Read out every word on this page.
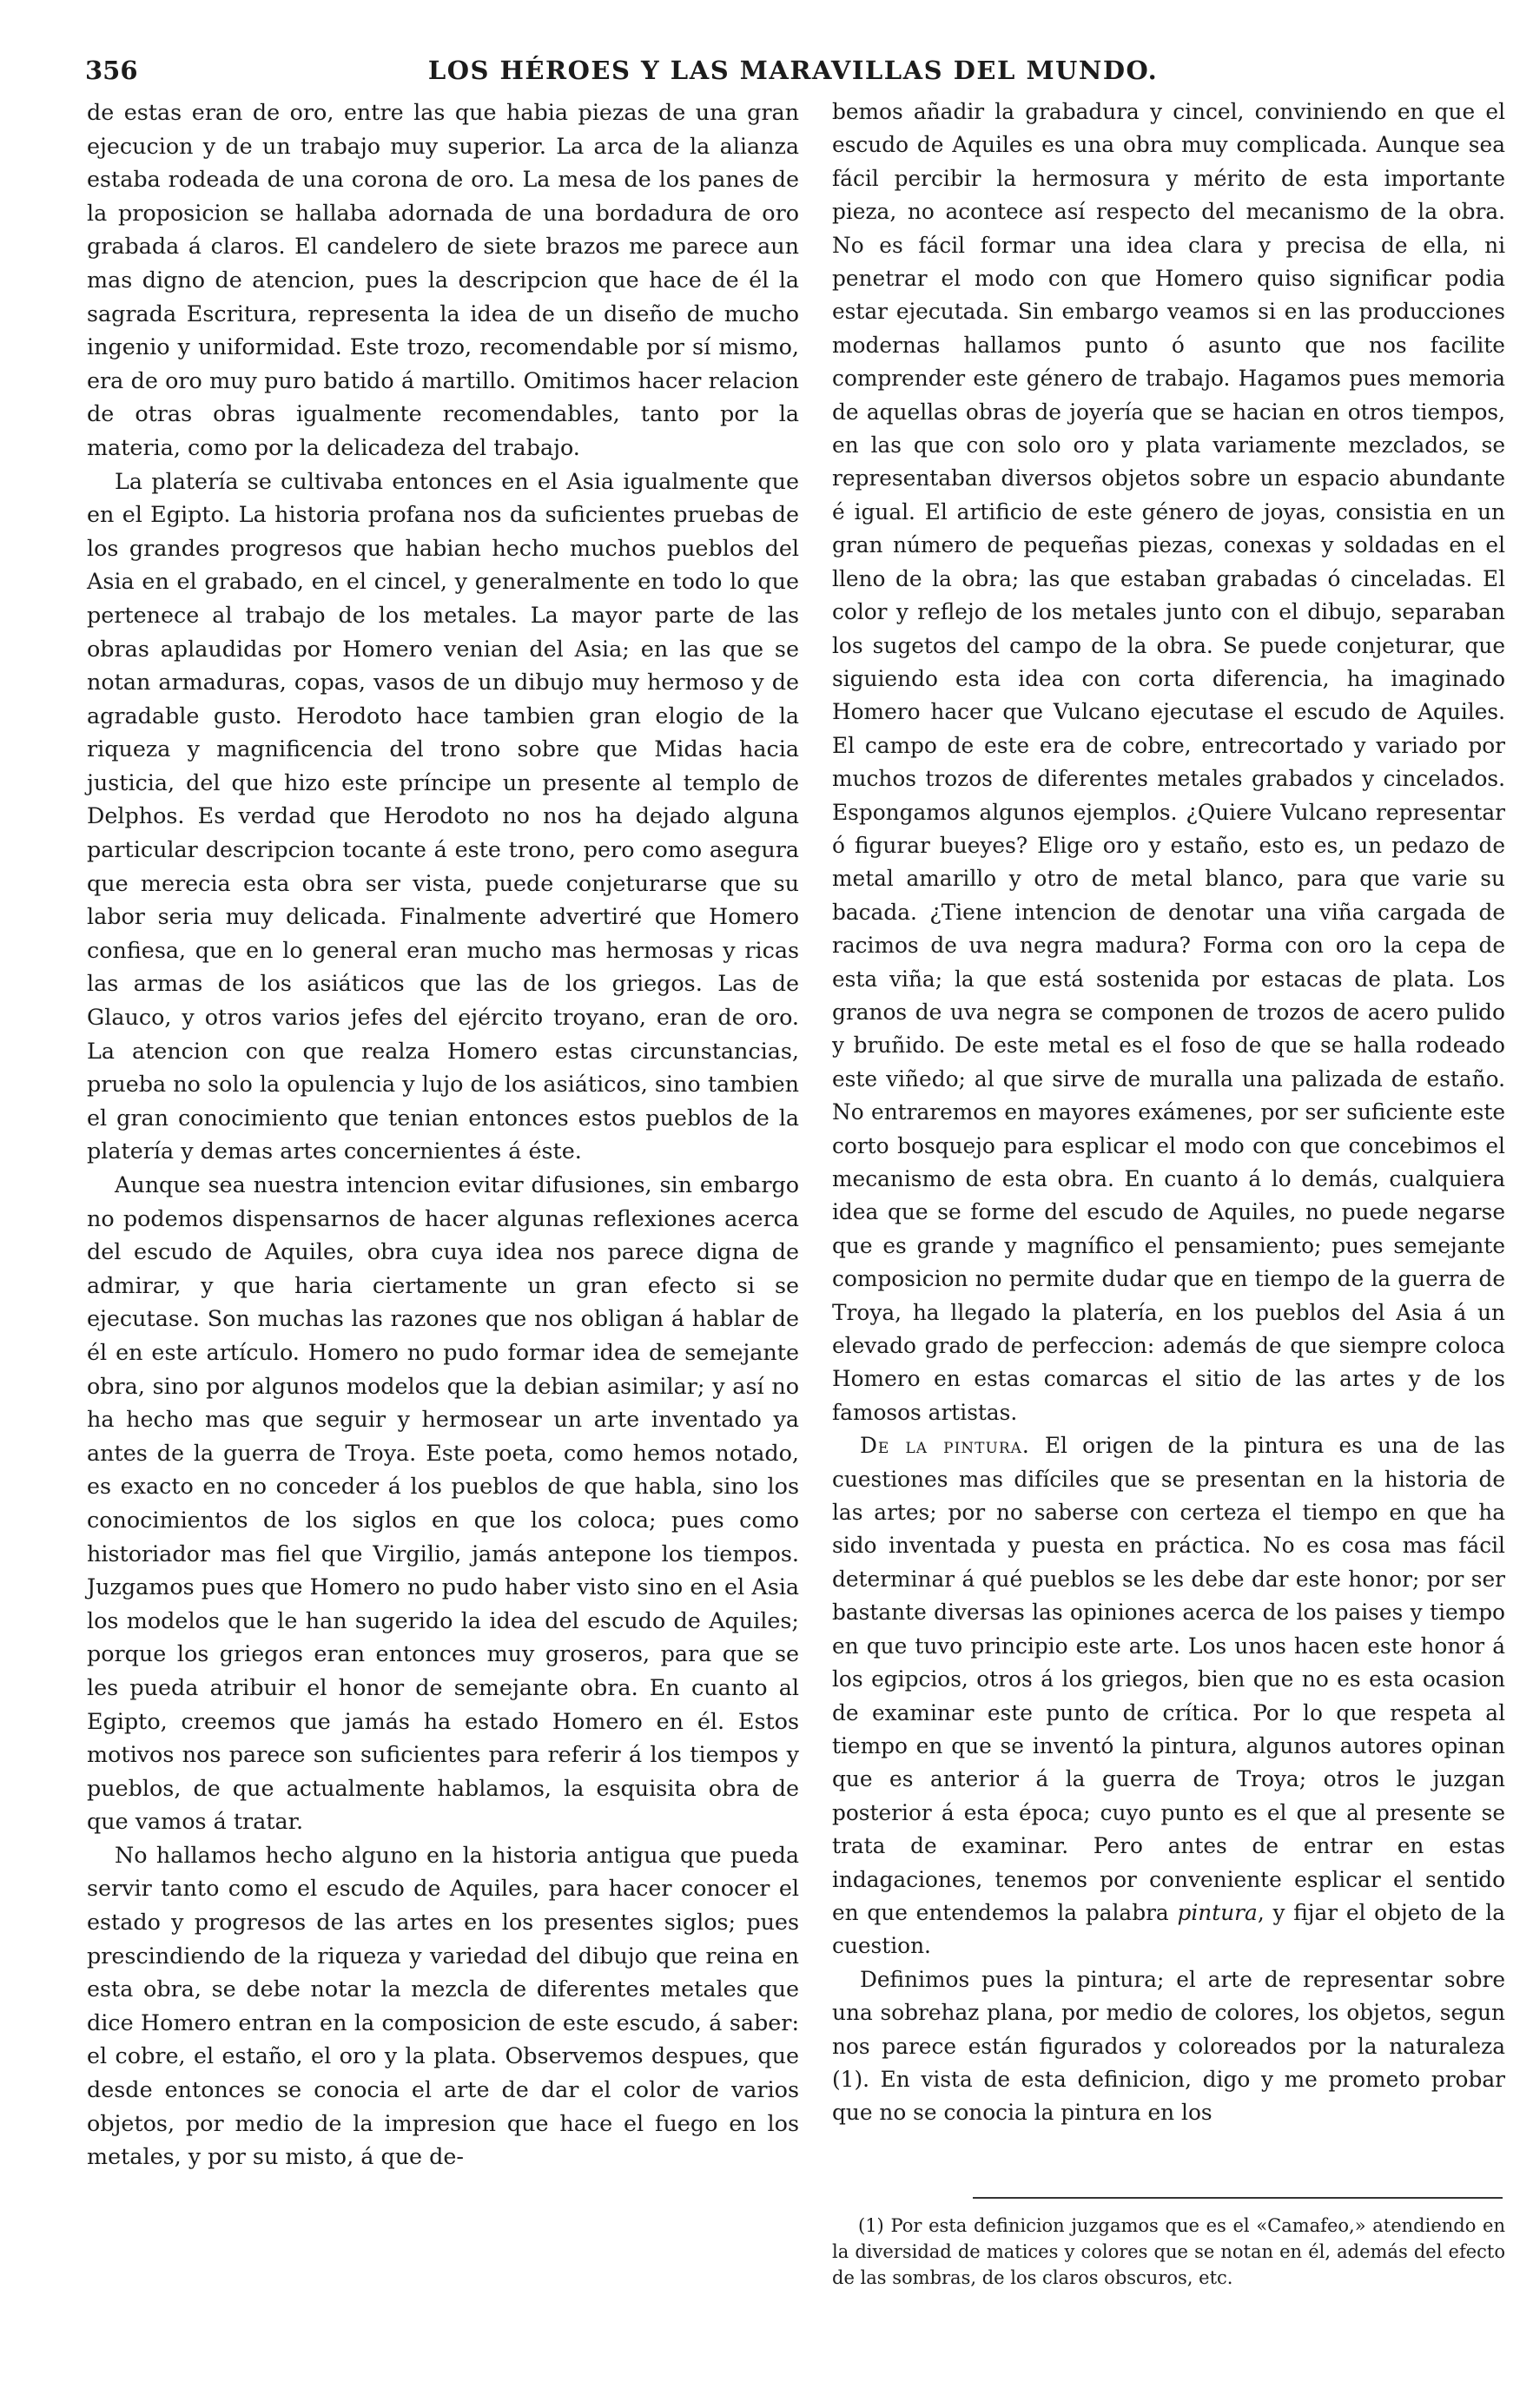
356	LOS HÉROES Y LAS MARAVILLAS DEL MUNDO.

de estas eran de oro, entre las que habia piezas de una gran ejecucion y de un trabajo muy superior. La arca de la alianza estaba rodeada de una corona de oro. La mesa de los panes de la proposicion se hallaba adornada de una bordadura de oro grabada á claros. El candelero de siete brazos me parece aun mas digno de atencion, pues la descripcion que hace de él la sagrada Escritura, representa la idea de un diseño de mucho ingenio y uniformidad. Este trozo, recomendable por sí mismo, era de oro muy puro batido á martillo. Omitimos hacer relacion de otras obras igualmente recomendables, tanto por la materia, como por la delicadeza del trabajo.

La platería se cultivaba entonces en el Asia igualmente que en el Egipto. La historia profana nos da suficientes pruebas de los grandes progresos que habian hecho muchos pueblos del Asia en el grabado, en el cincel, y generalmente en todo lo que pertenece al trabajo de los metales. La mayor parte de las obras aplaudidas por Homero venian del Asia; en las que se notan armaduras, copas, vasos de un dibujo muy hermoso y de agradable gusto. Herodoto hace tambien gran elogio de la riqueza y magnificencia del trono sobre que Midas hacia justicia, del que hizo este príncipe un presente al templo de Delphos. Es verdad que Herodoto no nos ha dejado alguna particular descripcion tocante á este trono, pero como asegura que merecia esta obra ser vista, puede conjeturarse que su labor seria muy delicada. Finalmente advertiré que Homero confiesa, que en lo general eran mucho mas hermosas y ricas las armas de los asiáticos que las de los griegos. Las de Glauco, y otros varios jefes del ejército troyano, eran de oro. La atencion con que realza Homero estas circunstancias, prueba no solo la opulencia y lujo de los asiáticos, sino tambien el gran conocimiento que tenian entonces estos pueblos de la platería y demas artes concernientes á éste.

Aunque sea nuestra intencion evitar difusiones, sin embargo no podemos dispensarnos de hacer algunas reflexiones acerca del escudo de Aquiles, obra cuya idea nos parece digna de admirar, y que haria ciertamente un gran efecto si se ejecutase. Son muchas las razones que nos obligan á hablar de él en este artículo. Homero no pudo formar idea de semejante obra, sino por algunos modelos que la debian asimilar; y así no ha hecho mas que seguir y hermosear un arte inventado ya antes de la guerra de Troya. Este poeta, como hemos notado, es exacto en no conceder á los pueblos de que habla, sino los conocimientos de los siglos en que los coloca; pues como historiador mas fiel que Virgilio, jamás antepone los tiempos. Juzgamos pues que Homero no pudo haber visto sino en el Asia los modelos que le han sugerido la idea del escudo de Aquiles; porque los griegos eran entonces muy groseros, para que se les pueda atribuir el honor de semejante obra. En cuanto al Egipto, creemos que jamás ha estado Homero en él. Estos motivos nos parece son suficientes para referir á los tiempos y pueblos, de que actualmente hablamos, la esquisita obra de que vamos á tratar.

No hallamos hecho alguno en la historia antigua que pueda servir tanto como el escudo de Aquiles, para hacer conocer el estado y progresos de las artes en los presentes siglos; pues prescindiendo de la riqueza y variedad del dibujo que reina en esta obra, se debe notar la mezcla de diferentes metales que dice Homero entran en la composicion de este escudo, á saber: el cobre, el estaño, el oro y la plata. Observemos despues, que desde entonces se conocia el arte de dar el color de varios objetos, por medio de la impresion que hace el fuego en los metales, y por su misto, á que de-

bemos añadir la grabadura y cincel, conviniendo en que el escudo de Aquiles es una obra muy complicada. Aunque sea fácil percibir la hermosura y mérito de esta importante pieza, no acontece así respecto del mecanismo de la obra. No es fácil formar una idea clara y precisa de ella, ni penetrar el modo con que Homero quiso significar podia estar ejecutada. Sin embargo veamos si en las producciones modernas hallamos punto ó asunto que nos facilite comprender este género de trabajo. Hagamos pues memoria de aquellas obras de joyería que se hacian en otros tiempos, en las que con solo oro y plata variamente mezclados, se representaban diversos objetos sobre un espacio abundante é igual. El artificio de este género de joyas, consistia en un gran número de pequeñas piezas, conexas y soldadas en el lleno de la obra; las que estaban grabadas ó cinceladas. El color y reflejo de los metales junto con el dibujo, separaban los sugetos del campo de la obra. Se puede conjeturar, que siguiendo esta idea con corta diferencia, ha imaginado Homero hacer que Vulcano ejecutase el escudo de Aquiles. El campo de este era de cobre, entrecortado y variado por muchos trozos de diferentes metales grabados y cincelados. Espongamos algunos ejemplos. ¿Quiere Vulcano representar ó figurar bueyes? Elige oro y estaño, esto es, un pedazo de metal amarillo y otro de metal blanco, para que varie su bacada. ¿Tiene intencion de denotar una viña cargada de racimos de uva negra madura? Forma con oro la cepa de esta viña; la que está sostenida por estacas de plata. Los granos de uva negra se componen de trozos de acero pulido y bruñido. De este metal es el foso de que se halla rodeado este viñedo; al que sirve de muralla una palizada de estaño. No entraremos en mayores exámenes, por ser suficiente este corto bosquejo para esplicar el modo con que concebimos el mecanismo de esta obra. En cuanto á lo demás, cualquiera idea que se forme del escudo de Aquiles, no puede negarse que es grande y magnífico el pensamiento; pues semejante composicion no permite dudar que en tiempo de la guerra de Troya, ha llegado la platería, en los pueblos del Asia á un elevado grado de perfeccion: además de que siempre coloca Homero en estas comarcas el sitio de las artes y de los famosos artistas.

De la pintura. El origen de la pintura es una de las cuestiones mas difíciles que se presentan en la historia de las artes; por no saberse con certeza el tiempo en que ha sido inventada y puesta en práctica. No es cosa mas fácil determinar á qué pueblos se les debe dar este honor; por ser bastante diversas las opiniones acerca de los paises y tiempo en que tuvo principio este arte. Los unos hacen este honor á los egipcios, otros á los griegos, bien que no es esta ocasion de examinar este punto de crítica. Por lo que respeta al tiempo en que se inventó la pintura, algunos autores opinan que es anterior á la guerra de Troya; otros le juzgan posterior á esta época; cuyo punto es el que al presente se trata de examinar. Pero antes de entrar en estas indagaciones, tenemos por conveniente esplicar el sentido en que entendemos la palabra pintura, y fijar el objeto de la cuestion.

Definimos pues la pintura; el arte de representar sobre una sobrehaz plana, por medio de colores, los objetos, segun nos parece están figurados y coloreados por la naturaleza (1). En vista de esta definicion, digo y me prometo probar que no se conocia la pintura en los

(1) Por esta definicion juzgamos que es el «Camafeo,» atendiendo en la diversidad de matices y colores que se notan en él, además del efecto de las sombras, de los claros obscuros, etc.
